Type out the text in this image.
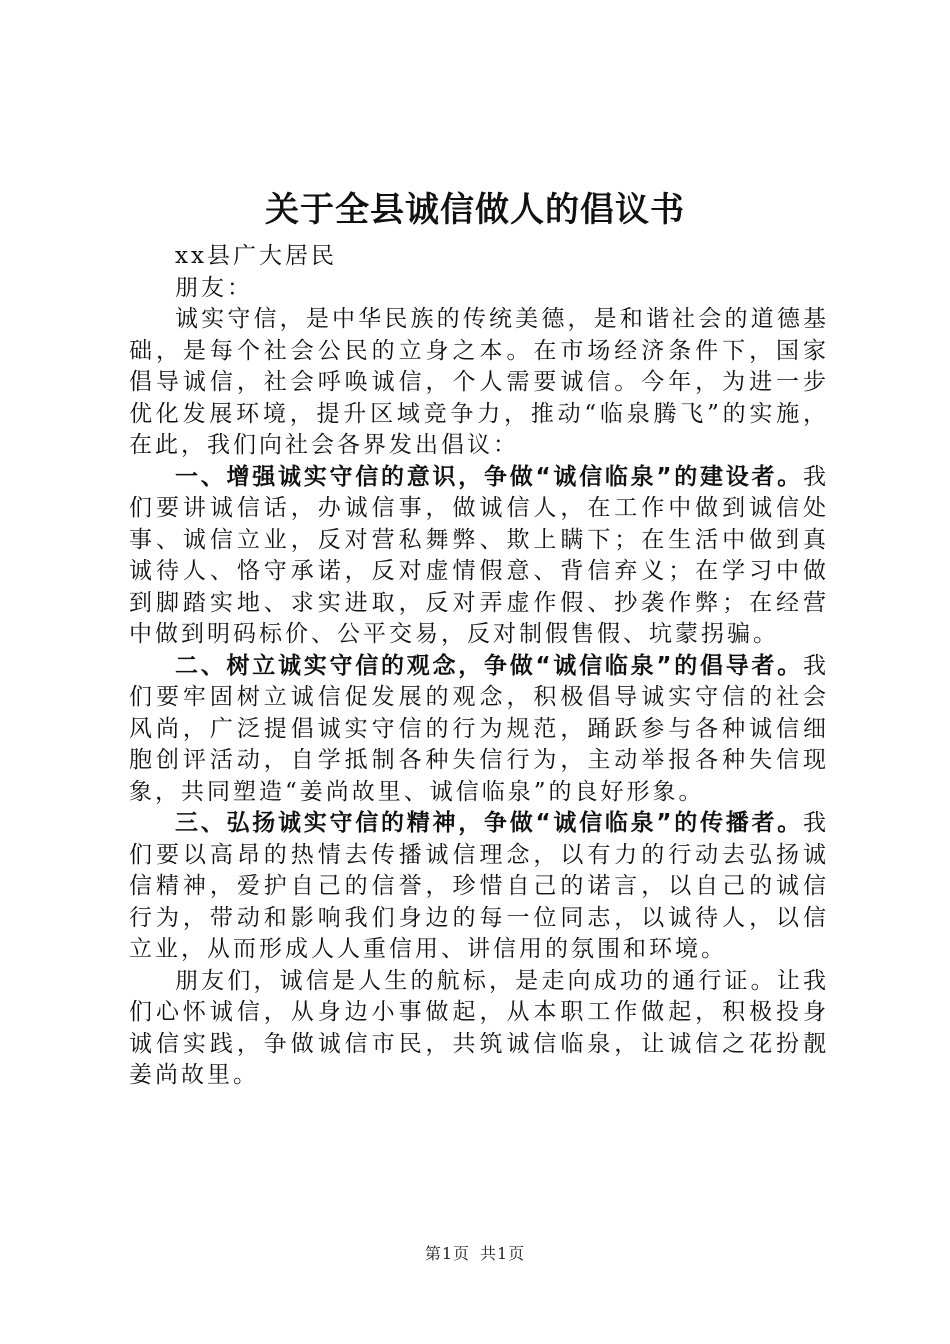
关于全县诚信做人的倡议书

xx县广大居民

朋友：

诚实守信，是中华民族的传统美德，是和谐社会的道德基础，是每个社会公民的立身之本。在市场经济条件下，国家倡导诚信，社会呼唤诚信，个人需要诚信。今年，为进一步优化发展环境，提升区域竞争力，推动“临泉腾飞”的实施，在此，我们向社会各界发出倡议：

一、增强诚实守信的意识，争做“诚信临泉”的建设者。我们要讲诚信话，办诚信事，做诚信人，在工作中做到诚信处事、诚信立业，反对营私舞弊、欺上瞒下；在生活中做到真诚待人、恪守承诺，反对虚情假意、背信弃义；在学习中做到脚踏实地、求实进取，反对弄虚作假、抄袭作弊；在经营中做到明码标价、公平交易，反对制假售假、坑蒙拐骗。

二、树立诚实守信的观念，争做“诚信临泉”的倡导者。我们要牢固树立诚信促发展的观念，积极倡导诚实守信的社会风尚，广泛提倡诚实守信的行为规范，踊跃参与各种诚信细胞创评活动，自学抵制各种失信行为，主动举报各种失信现象，共同塑造“姜尚故里、诚信临泉”的良好形象。

三、弘扬诚实守信的精神，争做“诚信临泉”的传播者。我们要以高昂的热情去传播诚信理念，以有力的行动去弘扬诚信精神，爱护自己的信誉，珍惜自己的诺言，以自己的诚信行为，带动和影响我们身边的每一位同志，以诚待人，以信立业，从而形成人人重信用、讲信用的氛围和环境。

朋友们，诚信是人生的航标，是走向成功的通行证。让我们心怀诚信，从身边小事做起，从本职工作做起，积极投身诚信实践，争做诚信市民，共筑诚信临泉，让诚信之花扮靓姜尚故里。

第1页 共1页
